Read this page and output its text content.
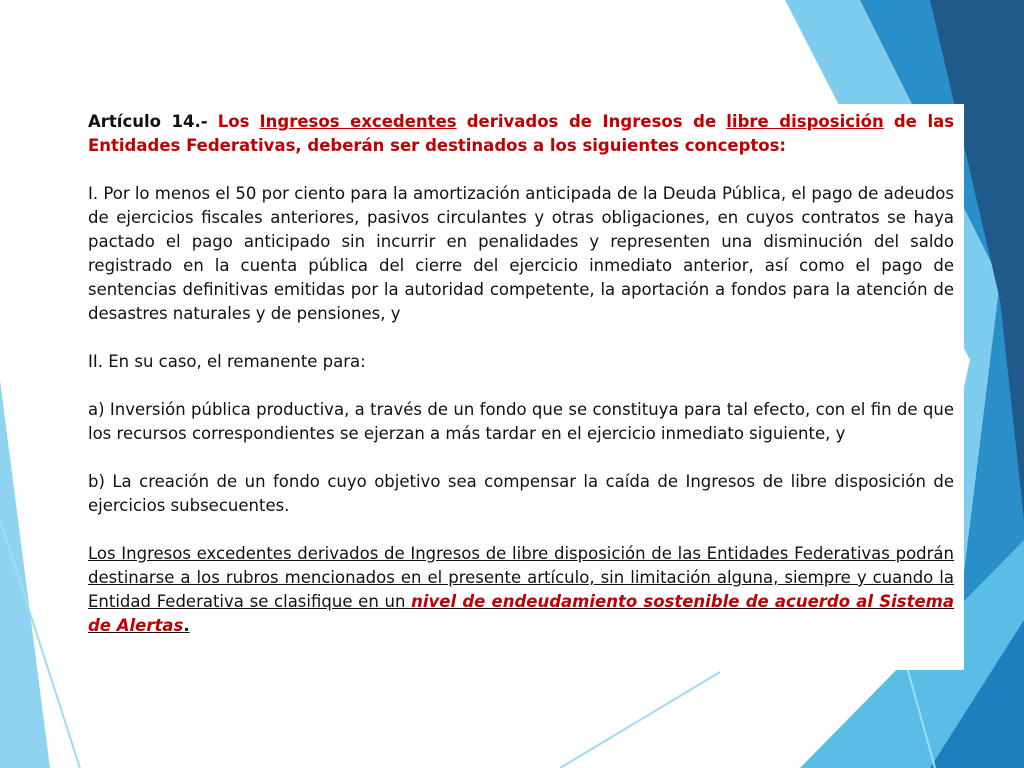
Artículo 14.- Los Ingresos excedentes derivados de Ingresos de libre disposición de las Entidades Federativas, deberán ser destinados a los siguientes conceptos:

I. Por lo menos el 50 por ciento para la amortización anticipada de la Deuda Pública, el pago de adeudos de ejercicios fiscales anteriores, pasivos circulantes y otras obligaciones, en cuyos contratos se haya pactado el pago anticipado sin incurrir en penalidades y representen una disminución del saldo registrado en la cuenta pública del cierre del ejercicio inmediato anterior, así como el pago de sentencias definitivas emitidas por la autoridad competente, la aportación a fondos para la atención de desastres naturales y de pensiones, y

II. En su caso, el remanente para:

a) Inversión pública productiva, a través de un fondo que se constituya para tal efecto, con el fin de que los recursos correspondientes se ejerzan a más tardar en el ejercicio inmediato siguiente, y

b) La creación de un fondo cuyo objetivo sea compensar la caída de Ingresos de libre disposición de ejercicios subsecuentes.

Los Ingresos excedentes derivados de Ingresos de libre disposición de las Entidades Federativas podrán destinarse a los rubros mencionados en el presente artículo, sin limitación alguna, siempre y cuando la Entidad Federativa se clasifique en un nivel de endeudamiento sostenible de acuerdo al Sistema de Alertas.
